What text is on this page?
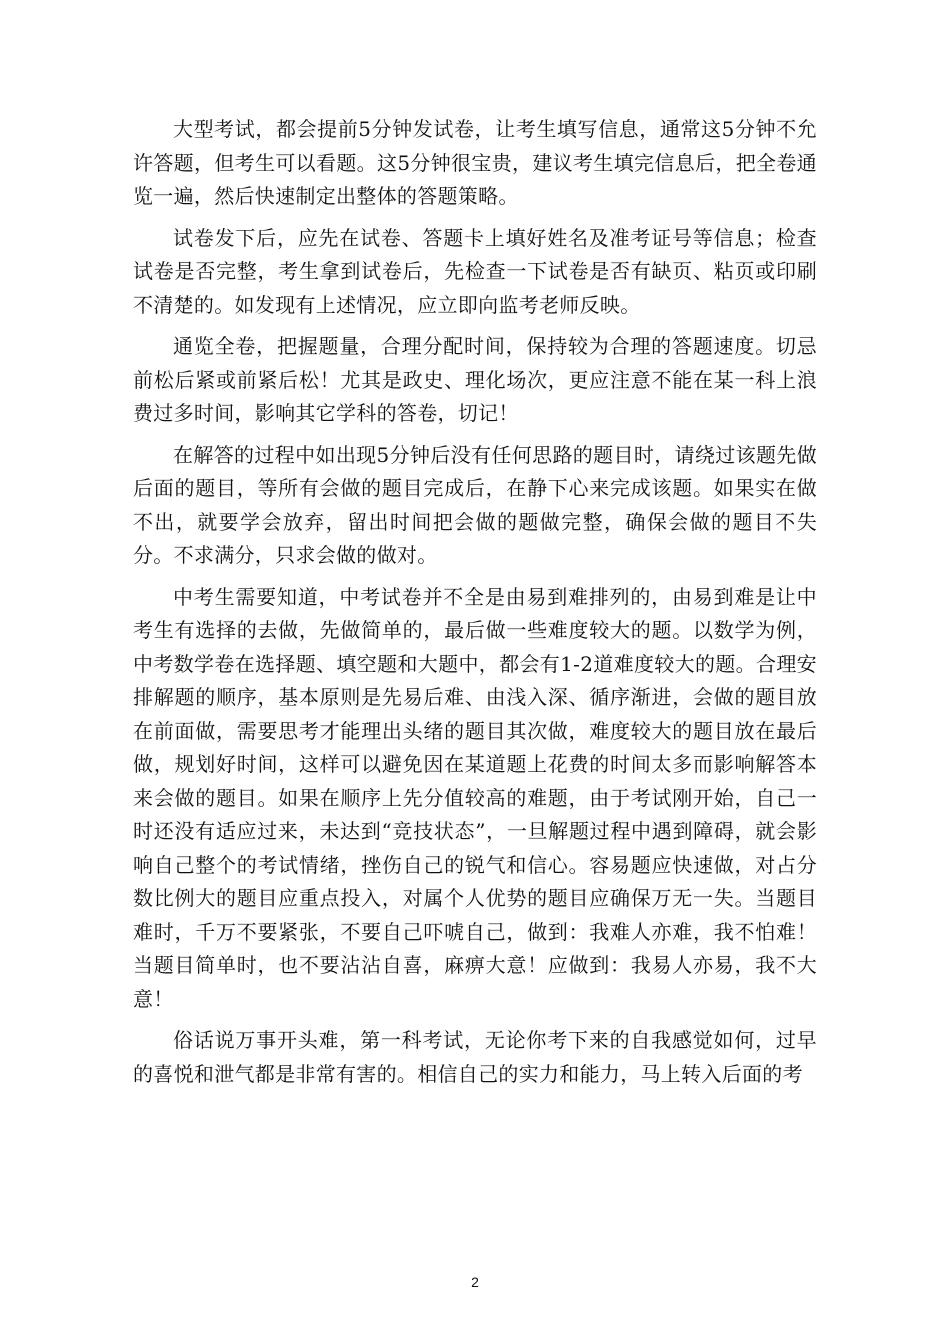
大型考试，都会提前5分钟发试卷，让考生填写信息，通常这5分钟不允许答题，但考生可以看题。这5分钟很宝贵，建议考生填完信息后，把全卷通览一遍，然后快速制定出整体的答题策略。

试卷发下后，应先在试卷、答题卡上填好姓名及准考证号等信息；检查试卷是否完整，考生拿到试卷后，先检查一下试卷是否有缺页、粘页或印刷不清楚的。如发现有上述情况，应立即向监考老师反映。

通览全卷，把握题量，合理分配时间，保持较为合理的答题速度。切忌前松后紧或前紧后松！尤其是政史、理化场次，更应注意不能在某一科上浪费过多时间，影响其它学科的答卷，切记！

在解答的过程中如出现5分钟后没有任何思路的题目时，请绕过该题先做后面的题目，等所有会做的题目完成后，在静下心来完成该题。如果实在做不出，就要学会放弃，留出时间把会做的题做完整，确保会做的题目不失分。不求满分，只求会做的做对。

中考生需要知道，中考试卷并不全是由易到难排列的，由易到难是让中考生有选择的去做，先做简单的，最后做一些难度较大的题。以数学为例，中考数学卷在选择题、填空题和大题中，都会有1-2道难度较大的题。合理安排解题的顺序，基本原则是先易后难、由浅入深、循序渐进，会做的题目放在前面做，需要思考才能理出头绪的题目其次做，难度较大的题目放在最后做，规划好时间，这样可以避免因在某道题上花费的时间太多而影响解答本来会做的题目。如果在顺序上先分值较高的难题，由于考试刚开始，自己一时还没有适应过来，未达到“竞技状态”，一旦解题过程中遇到障碍，就会影响自己整个的考试情绪，挫伤自己的锐气和信心。容易题应快速做，对占分数比例大的题目应重点投入，对属个人优势的题目应确保万无一失。当题目难时，千万不要紧张，不要自己吓唬自己，做到：我难人亦难，我不怕难！当题目简单时，也不要沾沾自喜，麻痹大意！应做到：我易人亦易，我不大意！

俗话说万事开头难，第一科考试，无论你考下来的自我感觉如何，过早的喜悦和泄气都是非常有害的。相信自己的实力和能力，马上转入后面的考

2
